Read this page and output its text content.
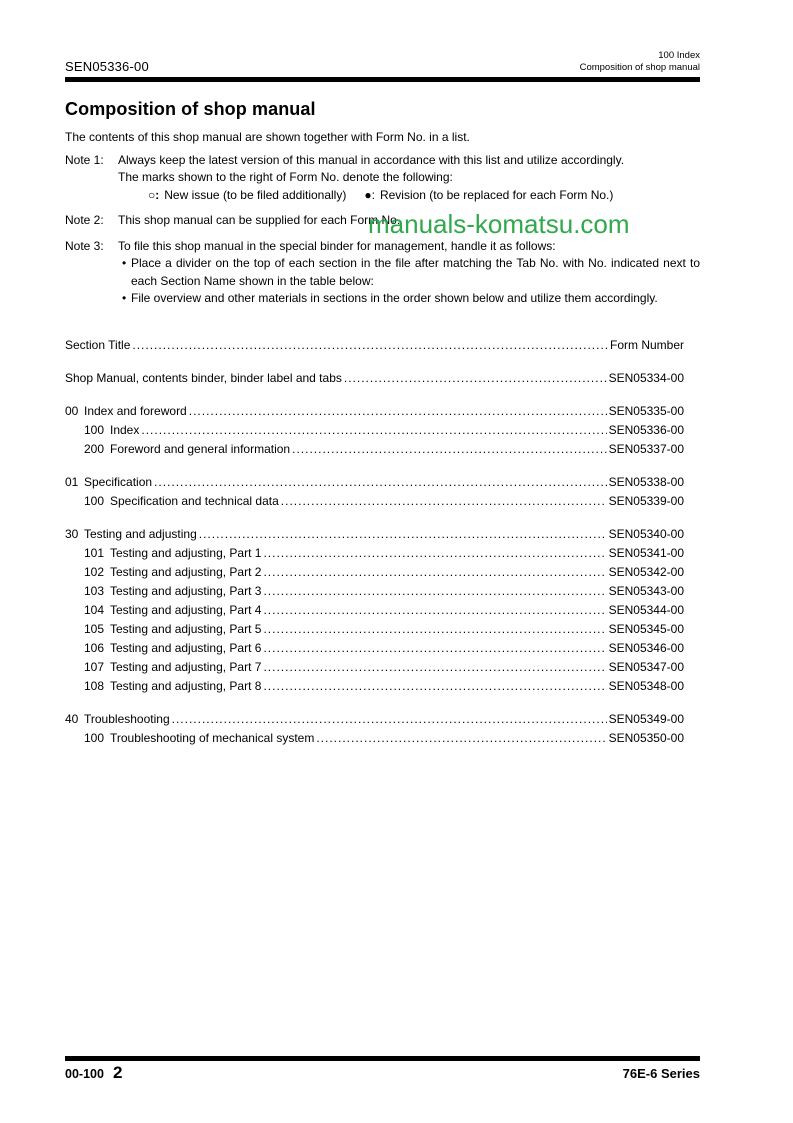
SEN05336-00
100 Index
Composition of shop manual
Composition of shop manual

The contents of this shop manual are shown together with Form No. in a list.

Note 1:	Always keep the latest version of this manual in accordance with this list and utilize accordingly.
The marks shown to the right of Form No. denote the following:
○: New issue (to be filed additionally) ●: Revision (to be replaced for each Form No.)
Note 2:	This shop manual can be supplied for each Form No.
Note 3:	To file this shop manual in the special binder for management, handle it as follows:
• Place a divider on the top of each section in the file after matching the Tab No. with No. indicated next to each Section Name shown in the table below:
• File overview and other materials in sections in the order shown below and utilize them accordingly.
Section Title .....	Form Number
Shop Manual, contents binder, binder label and tabs .....	SEN05334-00
00 Index and foreword .....	SEN05335-00
100 Index .....	SEN05336-00
200 Foreword and general information .....	SEN05337-00
01 Specification .....	SEN05338-00
100 Specification and technical data .....	SEN05339-00
30 Testing and adjusting .....	SEN05340-00
101 Testing and adjusting, Part 1 .....	SEN05341-00
102 Testing and adjusting, Part 2 .....	SEN05342-00
103 Testing and adjusting, Part 3 .....	SEN05343-00
104 Testing and adjusting, Part 4 .....	SEN05344-00
105 Testing and adjusting, Part 5 .....	SEN05345-00
106 Testing and adjusting, Part 6 .....	SEN05346-00
107 Testing and adjusting, Part 7 .....	SEN05347-00
108 Testing and adjusting, Part 8 .....	SEN05348-00
40 Troubleshooting .....	SEN05349-00
100 Troubleshooting of mechanical system .....	SEN05350-00
manuals-komatsu.com
00-100 2	76E-6 Series
